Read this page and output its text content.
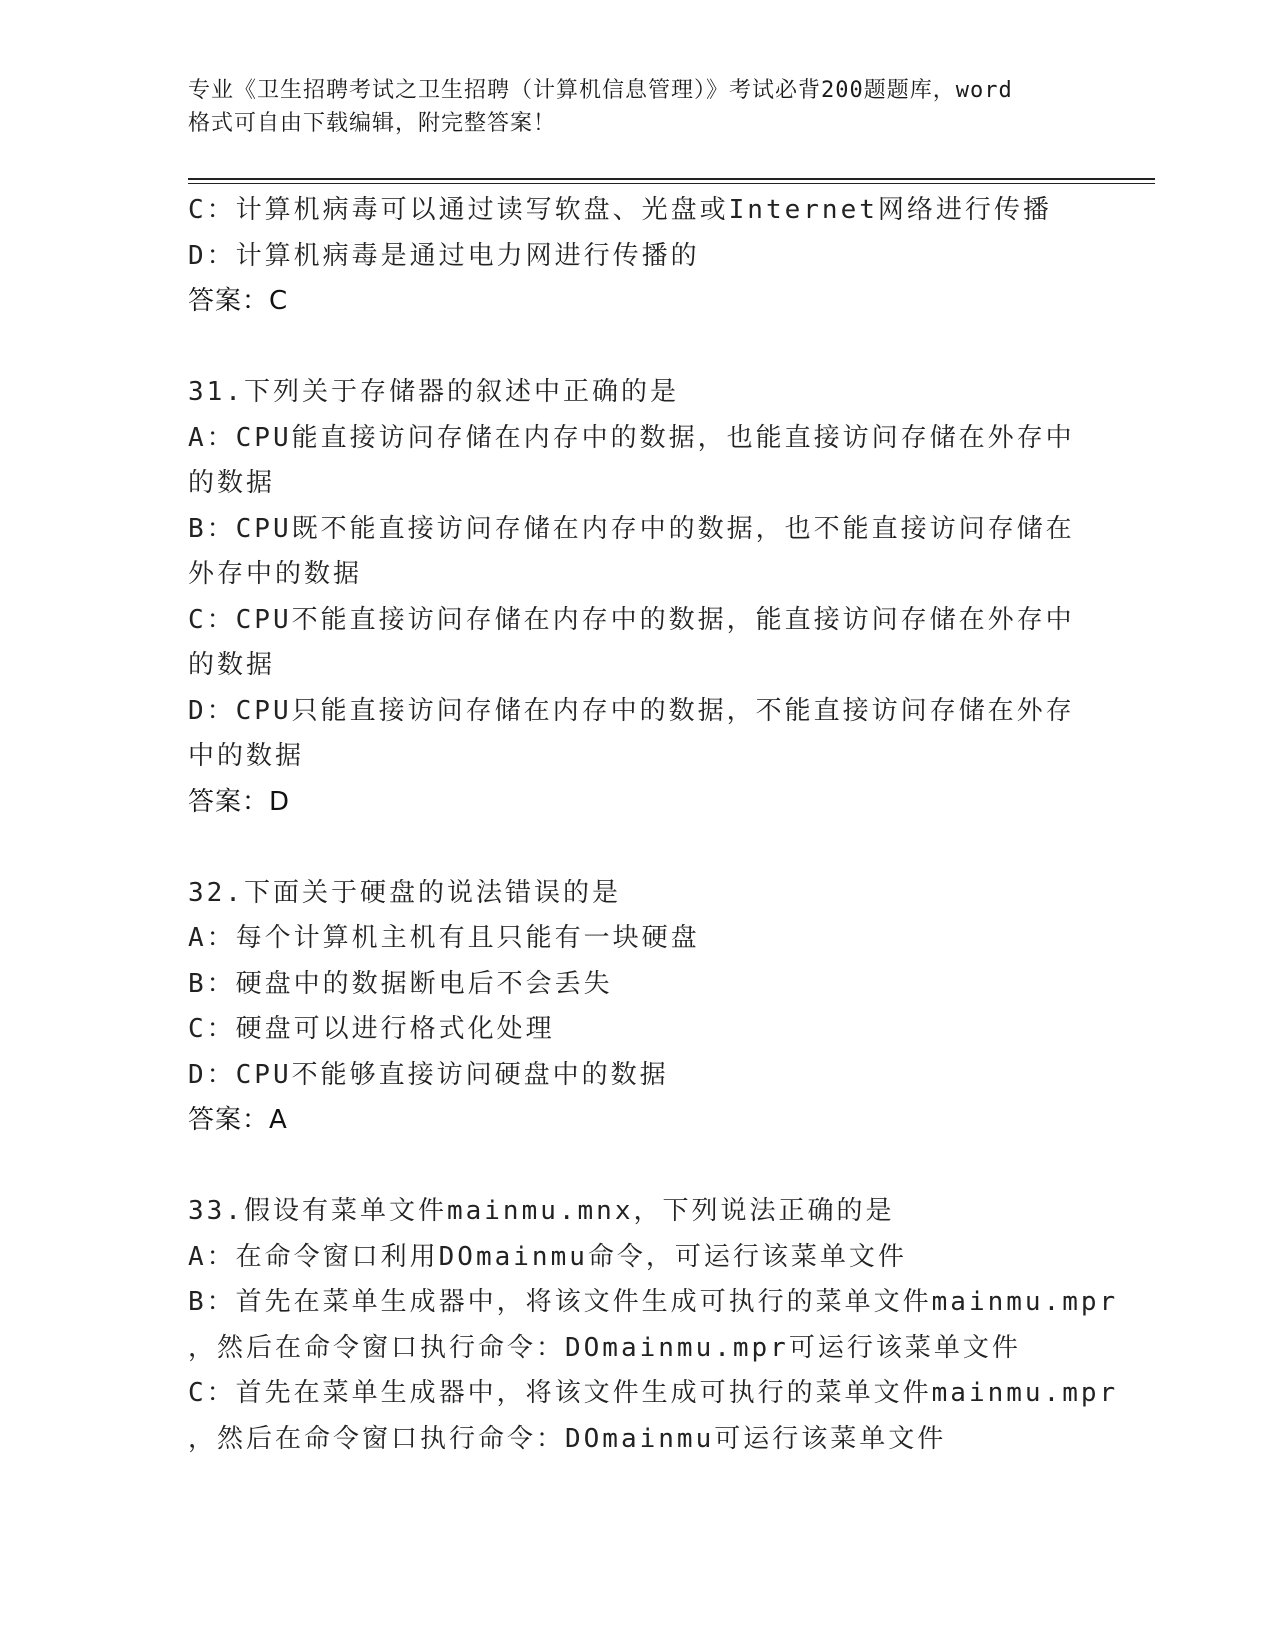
专业《卫生招聘考试之卫生招聘（计算机信息管理）》考试必背200题题库，word
格式可自由下载编辑，附完整答案！
C：计算机病毒可以通过读写软盘、光盘或Internet网络进行传播
D：计算机病毒是通过电力网进行传播的
答案：C
31.下列关于存储器的叙述中正确的是
A：CPU能直接访问存储在内存中的数据，也能直接访问存储在外存中
的数据
B：CPU既不能直接访问存储在内存中的数据，也不能直接访问存储在
外存中的数据
C：CPU不能直接访问存储在内存中的数据，能直接访问存储在外存中
的数据
D：CPU只能直接访问存储在内存中的数据，不能直接访问存储在外存
中的数据
答案：D
32.下面关于硬盘的说法错误的是
A：每个计算机主机有且只能有一块硬盘
B：硬盘中的数据断电后不会丢失
C：硬盘可以进行格式化处理
D：CPU不能够直接访问硬盘中的数据
答案：A
33.假设有菜单文件mainmu.mnx，下列说法正确的是
A：在命令窗口利用DOmainmu命令，可运行该菜单文件
B：首先在菜单生成器中，将该文件生成可执行的菜单文件mainmu.mpr
，然后在命令窗口执行命令：DOmainmu.mpr可运行该菜单文件
C：首先在菜单生成器中，将该文件生成可执行的菜单文件mainmu.mpr
，然后在命令窗口执行命令：DOmainmu可运行该菜单文件
